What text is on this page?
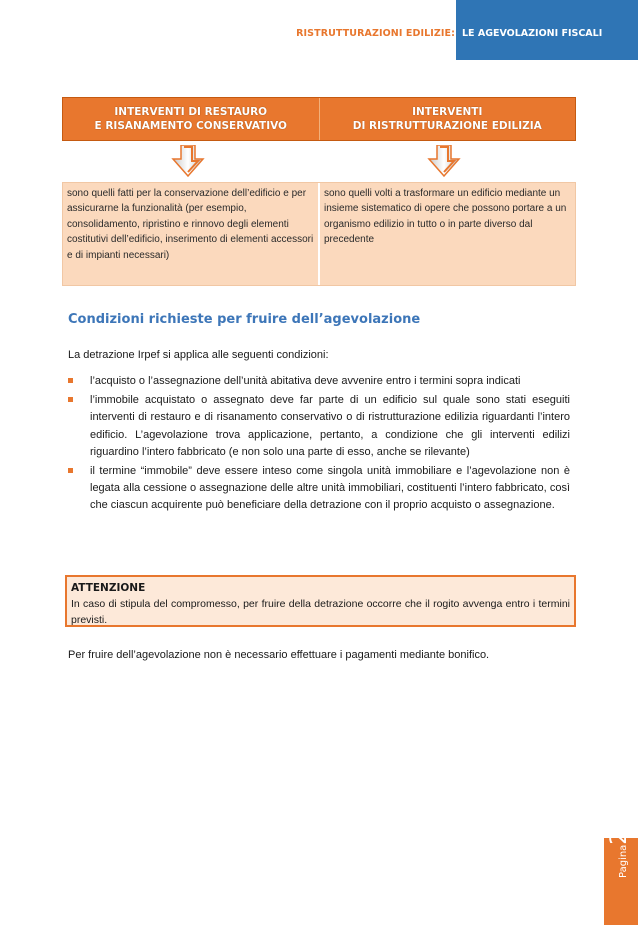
RISTRUTTURAZIONI EDILIZIE: LE AGEVOLAZIONI FISCALI
INTERVENTI DI RESTAURO
E RISANAMENTO CONSERVATIVO
INTERVENTI
DI RISTRUTTURAZIONE EDILIZIA
sono quelli fatti per la conservazione dell’edificio e per assicurarne la funzionalità (per esempio, consolidamento, ripristino e rinnovo degli elementi costitutivi dell’edificio, inserimento di elementi accessori e di impianti necessari)
sono quelli volti a trasformare un edificio mediante un insieme sistematico di opere che possono portare a un organismo edilizio in tutto o in parte diverso dal precedente
Condizioni richieste per fruire dell’agevolazione
La detrazione Irpef si applica alle seguenti condizioni:
l’acquisto o l’assegnazione dell’unità abitativa deve avvenire entro i termini sopra indicati
l’immobile acquistato o assegnato deve far parte di un edificio sul quale sono stati eseguiti interventi di restauro e di risanamento conservativo o di ristrutturazione edilizia riguardanti l’intero edificio. L’agevolazione trova applicazione, pertanto, a condizione che gli interventi edilizi riguardino l’intero fabbricato (e non solo una parte di esso, anche se rilevante)
il termine “immobile” deve essere inteso come singola unità immobiliare e l’agevolazione non è legata alla cessione o assegnazione delle altre unità immobiliari, costituenti l’intero fabbricato, così che ciascun acquirente può beneficiare della detrazione con il proprio acquisto o assegnazione.
ATTENZIONE
In caso di stipula del compromesso, per fruire della detrazione occorre che il rogito avvenga entro i termini previsti.
Per fruire dell’agevolazione non è necessario effettuare i pagamenti mediante bonifico.
Pagina23
